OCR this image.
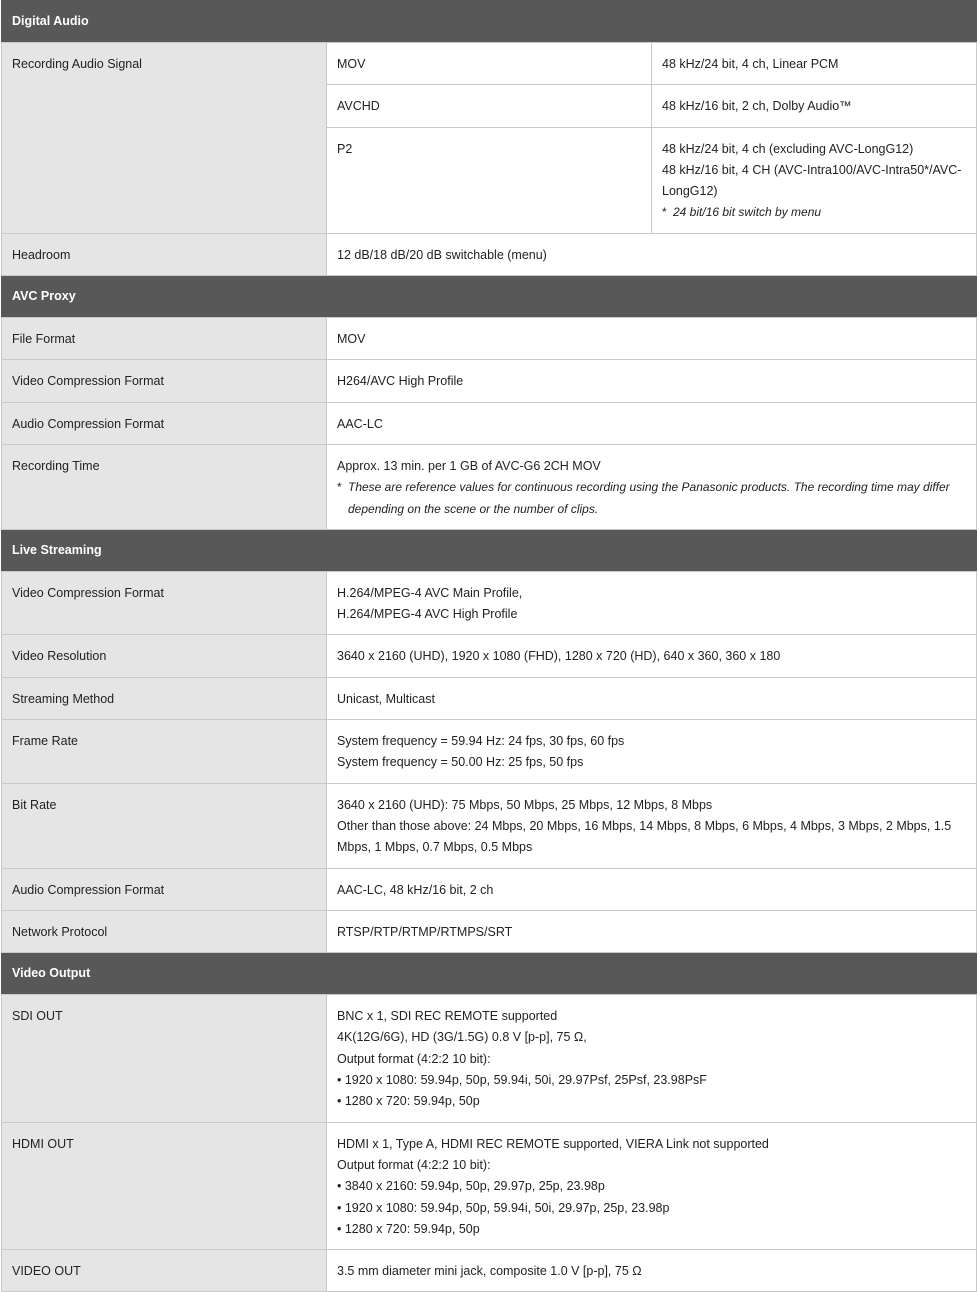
Digital Audio		
Recording Audio Signal	MOV	48 kHz/24 bit, 4 ch, Linear PCM
	AVCHD	48 kHz/16 bit, 2 ch, Dolby Audio™
	P2	48 kHz/24 bit, 4 ch (excluding AVC-LongG12)
48 kHz/16 bit, 4 CH (AVC-Intra100/AVC-Intra50*/AVC-LongG12)
* 24 bit/16 bit switch by menu

Headroom	12 dB/18 dB/20 dB switchable (menu)	
AVC Proxy		
File Format	MOV	
Video Compression Format	H264/AVC High Profile	
Audio Compression Format	AAC-LC	
Recording Time	Approx. 13 min. per 1 GB of AVC-G6 2CH MOV
* These are reference values for continuous recording using the Panasonic products. The recording time may differ depending on the scene or the number of clips.	

Live Streaming		
Video Compression Format	H.264/MPEG-4 AVC Main Profile,
H.264/MPEG-4 AVC High Profile	

Video Resolution	3640 x 2160 (UHD), 1920 x 1080 (FHD), 1280 x 720 (HD), 640 x 360, 360 x 180	
Streaming Method	Unicast, Multicast	
Frame Rate	System frequency = 59.94 Hz: 24 fps, 30 fps, 60 fps
System frequency = 50.00 Hz: 25 fps, 50 fps	

Bit Rate	3640 x 2160 (UHD): 75 Mbps, 50 Mbps, 25 Mbps, 12 Mbps, 8 Mbps
Other than those above: 24 Mbps, 20 Mbps, 16 Mbps, 14 Mbps, 8 Mbps, 6 Mbps, 4 Mbps, 3 Mbps, 2 Mbps, 1.5 Mbps, 1 Mbps, 0.7 Mbps, 0.5 Mbps	

Audio Compression Format	AAC-LC, 48 kHz/16 bit, 2 ch	
Network Protocol	RTSP/RTP/RTMP/RTMPS/SRT	
Video Output		
SDI OUT	BNC x 1, SDI REC REMOTE supported
4K(12G/6G), HD (3G/1.5G) 0.8 V [p-p], 75 Ω,
Output format (4:2:2 10 bit):
• 1920 x 1080: 59.94p, 50p, 59.94i, 50i, 29.97Psf, 25Psf, 23.98PsF
• 1280 x 720: 59.94p, 50p	

HDMI OUT	HDMI x 1, Type A, HDMI REC REMOTE supported, VIERA Link not supported
Output format (4:2:2 10 bit):
• 3840 x 2160: 59.94p, 50p, 29.97p, 25p, 23.98p
• 1920 x 1080: 59.94p, 50p, 59.94i, 50i, 29.97p, 25p, 23.98p
• 1280 x 720: 59.94p, 50p	

VIDEO OUT	3.5 mm diameter mini jack, composite 1.0 V [p-p], 75 Ω	
